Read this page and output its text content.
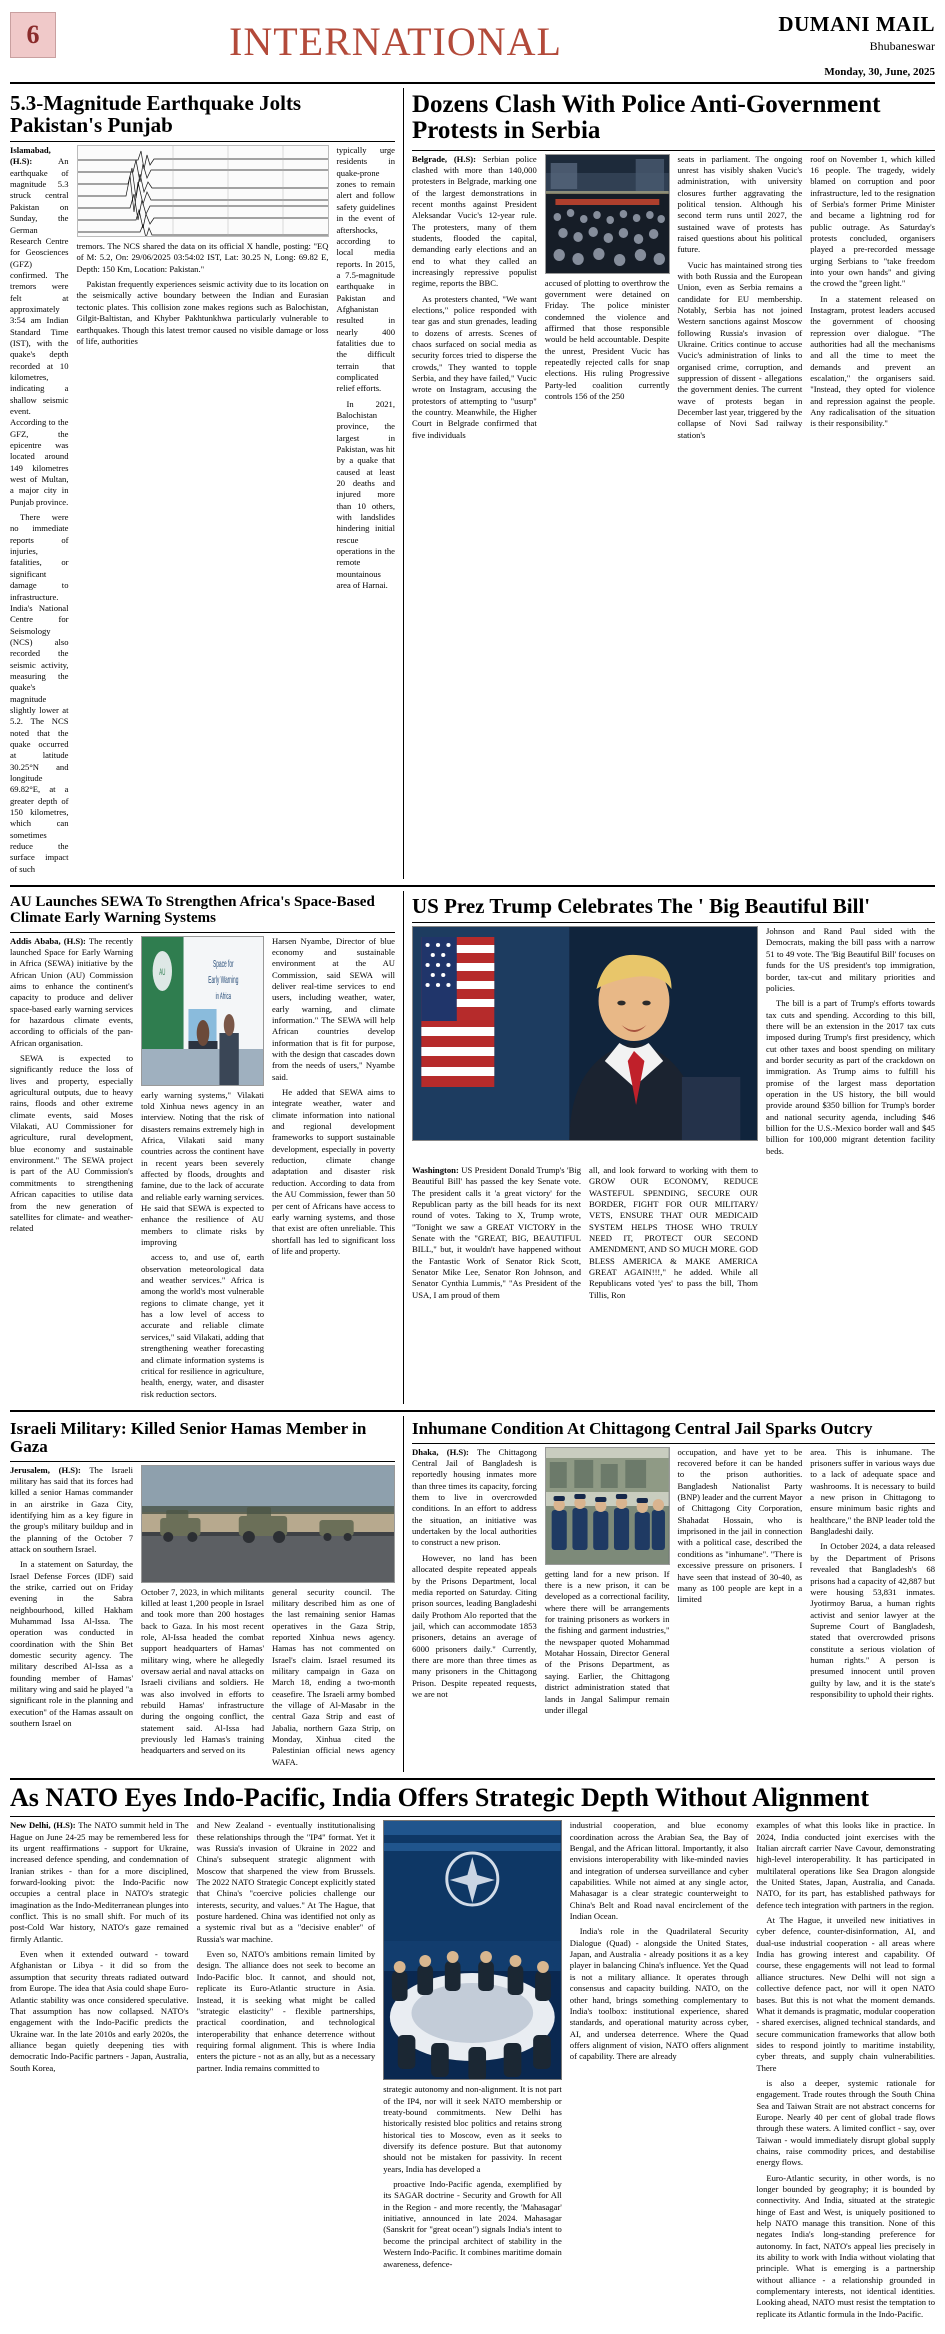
6	INTERNATIONAL	DUMANI MAIL
Bhubaneswar
Monday, 30, June, 2025
5.3-Magnitude Earthquake Jolts Pakistan's Punjab

Islamabad, (H.S):	An earthquake of magnitude 5.3 struck central Pakistan on Sunday, the German Research Centre for Geosciences (GFZ) confirmed. The tremors were felt at approximately 3:54 am Indian Standard Time (IST), with the quake's depth recorded at 10 kilometres, indicating a shallow seismic event. According to the GFZ, the epicentre was located around 149 kilometres west of Multan, a major city in Punjab province.

There were no immediate reports of injuries, fatalities, or significant damage to infrastructure. India's National Centre for Seismology (NCS) also recorded the seismic activity, measuring the quake's magnitude slightly lower at 5.2. The NCS noted that the quake occurred at latitude 30.25°N and longitude 69.82°E, at a greater depth of 150 kilometres, which can sometimes reduce the surface impact of such

tremors. The NCS shared the data on its official X handle, posting: "EQ of M: 5.2, On: 29/06/2025 03:54:02 IST, Lat: 30.25 N, Long: 69.82 E, Depth: 150 Km, Location: Pakistan."

Pakistan frequently experiences seismic activity due to its location on the seismically active boundary between the Indian and Eurasian tectonic plates. This collision zone makes regions such as Balochistan, Gilgit-Baltistan, and Khyber Pakhtunkhwa particularly vulnerable to earthquakes. Though this latest tremor caused no visible damage or loss of life, authorities

typically urge residents in quake-prone zones to remain alert and follow safety guidelines in the event of aftershocks, according to local media reports. In 2015, a 7.5-magnitude earthquake in Pakistan and Afghanistan resulted in nearly 400 fatalities due to the difficult terrain that complicated relief efforts.

In 2021, Balochistan province, the largest in Pakistan, was hit by a quake that caused at least 20 deaths and injured more than 10 others, with landslides hindering initial rescue operations in the remote mountainous area of Harnai.

Dozens Clash With Police Anti-Government Protests in Serbia

Belgrade, (H.S): Serbian police clashed with more than 140,000 protesters in Belgrade, marking one of the largest demonstrations in recent months against President Aleksandar Vucic's 12-year rule. The protesters, many of them students, flooded the capital, demanding early elections and an end to what they called an increasingly repressive populist regime, reports the BBC.

As protesters chanted, "We want elections," police responded with tear gas and stun grenades, leading to dozens of arrests. Scenes of chaos surfaced on social media as security forces tried to disperse the crowds," They wanted to topple Serbia, and they have failed," Vucic wrote on Instagram, accusing the protestors of attempting to "usurp" the country. Meanwhile, the Higher Court in Belgrade confirmed that five individuals

accused of plotting to overthrow the government were detained on Friday. The police minister condemned the violence and affirmed that those responsible would be held accountable. Despite the unrest, President Vucic has repeatedly rejected calls for snap elections. His ruling Progressive Party-led coalition currently controls 156 of the 250

seats in parliament. The ongoing unrest has visibly shaken Vucic's administration, with university closures further aggravating the political tension. Although his second term runs until 2027, the sustained wave of protests has raised questions about his political future.

Vucic has maintained strong ties with both Russia and the European Union, even as Serbia remains a candidate for EU membership. Notably, Serbia has not joined Western sanctions against Moscow following Russia's invasion of Ukraine. Critics continue to accuse Vucic's administration of links to organised crime, corruption, and suppression of dissent - allegations the government denies. The current wave of protests began in December last year, triggered by the collapse of Novi Sad railway station's

roof on November 1, which killed 16 people. The tragedy, widely blamed on corruption and poor infrastructure, led to the resignation of Serbia's former Prime Minister and became a lightning rod for public outrage. As Saturday's protests concluded, organisers played a pre-recorded message urging Serbians to "take freedom into your own hands" and giving the crowd the "green light."

In a statement released on Instagram, protest leaders accused the government of choosing repression over dialogue. "The authorities had all the mechanisms and all the time to meet the demands and prevent an escalation," the organisers said. "Instead, they opted for violence and repression against the people. Any radicalisation of the situation is their responsibility."

AU Launches SEWA To Strengthen Africa's Space-Based Climate Early Warning Systems

Addis Ababa, (H.S): The recently launched Space for Early Warning in Africa (SEWA) initiative by the African Union (AU) Commission aims to enhance the continent's capacity to produce and deliver space-based early warning services for hazardous climate events, according to officials of the pan-African organisation.

SEWA is expected to significantly reduce the loss of lives and property, especially agricultural outputs, due to heavy rains, floods and other extreme climate events, said Moses Vilakati, AU Commissioner for agriculture, rural development, blue economy and sustainable environment." The SEWA project is part of the AU Commission's commitments to strengthening African capacities to utilise data from the new generation of satellites for climate- and weather-related

AU
Space for
Early Warning
in Africa

early warning systems," Vilakati told Xinhua news agency in an interview. Noting that the risk of disasters remains extremely high in Africa, Vilakati said many countries across the continent have in recent years been severely affected by floods, droughts and famine, due to the lack of accurate and reliable early warning services. He said that SEWA is expected to enhance the resilience of AU members to climate risks by improving

access to, and use of, earth observation meteorological data and weather services." Africa is among the world's most vulnerable regions to climate change, yet it has a low level of access to accurate and reliable climate services," said Vilakati, adding that strengthening weather forecasting and climate information systems is critical for resilience in agriculture, health, energy, water, and disaster risk reduction sectors.

Harsen Nyambe, Director of blue economy and sustainable environment at the AU Commission, said SEWA will deliver real-time services to end users, including weather, water, early warning, and climate information." The SEWA will help African countries develop information that is fit for purpose, with the design that cascades down from the needs of users," Nyambe said.

He added that SEWA aims to integrate weather, water and climate information into national and regional development frameworks to support sustainable development, especially in poverty reduction, climate change adaptation and disaster risk reduction. According to data from the AU Commission, fewer than 50 per cent of Africans have access to early warning systems, and those that exist are often unreliable. This shortfall has led to significant loss of life and property.

US Prez Trump Celebrates The ' Big Beautiful Bill'

Johnson and Rand Paul sided with the Democrats, making the bill pass with a narrow 51 to 49 vote. The 'Big Beautiful Bill' focuses on funds for the US president's top immigration, border, tax-cut and military priorities and policies.

The bill is a part of Trump's efforts towards tax cuts and spending. According to this bill, there will be an extension in the 2017 tax cuts imposed during Trump's first presidency, which cut other taxes and boost spending on military and border security as part of the crackdown on immigration. As Trump aims to fulfill his promise of the largest mass deportation operation in the US history, the bill would provide around $350 billion for Trump's border and national security agenda, including $46 billion for the U.S.-Mexico border wall and $45 billion for 100,000 migrant detention facility beds.

Washington: US President Donald Trump's 'Big Beautiful Bill' has passed the key Senate vote. The president calls it 'a great victory' for the Republican party as the bill heads for its next round of votes. Taking to X, Trump wrote, "Tonight we saw a GREAT VICTORY in the Senate with the "GREAT, BIG, BEAUTIFUL BILL," but, it wouldn't have happened without the Fantastic Work of Senator Rick Scott, Senator Mike Lee, Senator Ron Johnson, and Senator Cynthia Lummis," "As President of the USA, I am proud of them

all, and look forward to working with them to GROW OUR ECONOMY, REDUCE WASTEFUL SPENDING, SECURE OUR BORDER, FIGHT FOR OUR MILITARY/ VETS, ENSURE THAT OUR MEDICAID SYSTEM HELPS THOSE WHO TRULY NEED IT, PROTECT OUR SECOND AMENDMENT, AND SO MUCH MORE. GOD BLESS AMERICA & MAKE AMERICA GREAT AGAIN!!!," he added. While all Republicans voted 'yes' to pass the bill, Thom Tillis, Ron

Israeli Military: Killed Senior Hamas Member in Gaza

Jerusalem, (H.S): The Israeli military has said that its forces had killed a senior Hamas commander in an airstrike in Gaza City, identifying him as a key figure in the group's military buildup and in the planning of the October 7 attack on southern Israel.

In a statement on Saturday, the Israel Defense Forces (IDF) said the strike, carried out on Friday evening in the Sabra neighbourhood, killed Hakham Muhammad Issa Al-Issa. The operation was conducted in coordination with the Shin Bet domestic security agency. The military described Al-Issa as a founding member of Hamas' military wing and said he played "a significant role in the planning and execution" of the Hamas assault on southern Israel on

October 7, 2023, in which militants killed at least 1,200 people in Israel and took more than 200 hostages back to Gaza. In his most recent role, Al-Issa headed the combat support headquarters of Hamas' military wing, where he allegedly oversaw aerial and naval attacks on Israeli civilians and soldiers. He was also involved in efforts to rebuild Hamas' infrastructure during the ongoing conflict, the statement said. Al-Issa had previously led Hamas's training headquarters and served on its

general security council. The military described him as one of the last remaining senior Hamas operatives in the Gaza Strip, reported Xinhua news agency. Hamas has not commented on Israel's claim. Israel resumed its military campaign in Gaza on March 18, ending a two-month ceasefire. The Israeli army bombed the village of Al-Masabr in the central Gaza Strip and east of Jabalia, northern Gaza Strip, on Monday, Xinhua cited the Palestinian official news agency WAFA.

Inhumane Condition At Chittagong Central Jail Sparks Outcry

Dhaka, (H.S): The Chittagong Central Jail of Bangladesh is reportedly housing inmates more than three times its capacity, forcing them to live in overcrowded conditions. In an effort to address the situation, an initiative was undertaken by the local authorities to construct a new prison.

However, no land has been allocated despite repeated appeals by the Prisons Department, local media reported on Saturday. Citing prison sources, leading Bangladeshi daily Prothom Alo reported that the jail, which can accommodate 1853 prisoners, detains an average of 6000 prisoners daily." Currently, there are more than three times as many prisoners in the Chittagong Prison. Despite repeated requests, we are not

getting land for a new prison. If there is a new prison, it can be developed as a correctional facility, where there will be arrangements for training prisoners as workers in the fishing and garment industries," the newspaper quoted Mohammad Motahar Hossain, Director General of the Prisons Department, as saying. Earlier, the Chittagong district administration stated that lands in Jangal Salimpur remain under illegal

occupation, and have yet to be recovered before it can be handed to the prison authorities. Bangladesh Nationalist Party (BNP) leader and the current Mayor of Chittagong City Corporation, Shahadat Hossain, who is imprisoned in the jail in connection with a political case, described the conditions as "inhumane". "There is excessive pressure on prisoners. I have seen that instead of 30-40, as many as 100 people are kept in a limited

area. This is inhumane. The prisoners suffer in various ways due to a lack of adequate space and washrooms. It is necessary to build a new prison in Chittagong to ensure minimum basic rights and healthcare," the BNP leader told the Bangladeshi daily.

In October 2024, a data released by the Department of Prisons revealed that Bangladesh's 68 prisons had a capacity of 42,887 but were housing 53,831 inmates. Jyotirmoy Barua, a human rights activist and senior lawyer at the Supreme Court of Bangladesh, stated that overcrowded prisons constitute a serious violation of human rights." A person is presumed innocent until proven guilty by law, and it is the state's responsibility to uphold their rights.

As NATO Eyes Indo-Pacific, India Offers Strategic Depth Without Alignment

New Delhi, (H.S): The NATO summit held in The Hague on June 24-25 may be remembered less for its urgent reaffirmations - support for Ukraine, increased defence spending, and condemnation of Iranian strikes - than for a more disciplined, forward-looking pivot: the Indo-Pacific now occupies a central place in NATO's strategic imagination as the Indo-Mediterranean plunges into conflict. This is no small shift. For much of its post-Cold War history, NATO's gaze remained firmly Atlantic.

Even when it extended outward - toward Afghanistan or Libya - it did so from the assumption that security threats radiated outward from Europe. The idea that Asia could shape Euro-Atlantic stability was once considered speculative. That assumption has now collapsed. NATO's engagement with the Indo-Pacific predicts the Ukraine war. In the late 2010s and early 2020s, the alliance began quietly deepening ties with democratic Indo-Pacific partners - Japan, Australia, South Korea,

and New Zealand - eventually institutionalising these relationships through the "IP4" format. Yet it was Russia's invasion of Ukraine in 2022 and China's subsequent strategic alignment with Moscow that sharpened the view from Brussels. The 2022 NATO Strategic Concept explicitly stated that China's "coercive policies challenge our interests, security, and values." At The Hague, that posture hardened. China was identified not only as a systemic rival but as a "decisive enabler" of Russia's war machine.

Even so, NATO's ambitions remain limited by design. The alliance does not seek to become an Indo-Pacific bloc. It cannot, and should not, replicate its Euro-Atlantic structure in Asia. Instead, it is seeking what might be called "strategic elasticity" - flexible partnerships, practical coordination, and technological interoperability that enhance deterrence without requiring formal alignment. This is where India enters the picture - not as an ally, but as a necessary partner. India remains committed to

strategic autonomy and non-alignment. It is not part of the IP4, nor will it seek NATO membership or treaty-bound commitments. New Delhi has historically resisted bloc politics and retains strong historical ties to Moscow, even as it seeks to diversify its defence posture. But that autonomy should not be mistaken for passivity. In recent years, India has developed a

proactive Indo-Pacific agenda, exemplified by its SAGAR doctrine - Security and Growth for All in the Region - and more recently, the 'Mahasagar' initiative, announced in late 2024. Mahasagar (Sanskrit for "great ocean") signals India's intent to become the principal architect of stability in the Western Indo-Pacific. It combines maritime domain awareness, defence-

industrial cooperation, and blue economy coordination across the Arabian Sea, the Bay of Bengal, and the African littoral. Importantly, it also envisions interoperability with like-minded navies and integration of undersea surveillance and cyber capabilities. While not aimed at any single actor, Mahasagar is a clear strategic counterweight to China's Belt and Road naval encirclement of the Indian Ocean.

India's role in the Quadrilateral Security Dialogue (Quad) - alongside the United States, Japan, and Australia - already positions it as a key player in balancing China's influence. Yet the Quad is not a military alliance. It operates through consensus and capacity building. NATO, on the other hand, brings something complementary to India's toolbox: institutional experience, shared standards, and operational maturity across cyber, AI, and undersea deterrence. Where the Quad offers alignment of vision, NATO offers alignment of capability. There are already

examples of what this looks like in practice. In 2024, India conducted joint exercises with the Italian aircraft carrier Nave Cavour, demonstrating high-level interoperability. It has participated in multilateral operations like Sea Dragon alongside the United States, Japan, Australia, and Canada. NATO, for its part, has established pathways for defence tech integration with partners in the region.

At The Hague, it unveiled new initiatives in cyber defence, counter-disinformation, AI, and dual-use industrial cooperation - all areas where India has growing interest and capability. Of course, these engagements will not lead to formal alliance structures. New Delhi will not sign a collective defence pact, nor will it open NATO bases. But this is not what the moment demands. What it demands is pragmatic, modular cooperation - shared exercises, aligned technical standards, and secure communication frameworks that allow both sides to respond jointly to maritime instability, cyber threats, and supply chain vulnerabilities. There

is also a deeper, systemic rationale for engagement. Trade routes through the South China Sea and Taiwan Strait are not abstract concerns for Europe. Nearly 40 per cent of global trade flows through these waters. A limited conflict - say, over Taiwan - would immediately disrupt global supply chains, raise commodity prices, and destabilise energy flows.

Euro-Atlantic security, in other words, is no longer bounded by geography; it is bounded by connectivity. And India, situated at the strategic hinge of East and West, is uniquely positioned to help NATO manage this transition. None of this negates India's long-standing preference for autonomy. In fact, NATO's appeal lies precisely in its ability to work with India without violating that principle. What is emerging is a partnership without alliance - a relationship grounded in complementary interests, not identical identities. Looking ahead, NATO must resist the temptation to replicate its Atlantic formula in the Indo-Pacific.
